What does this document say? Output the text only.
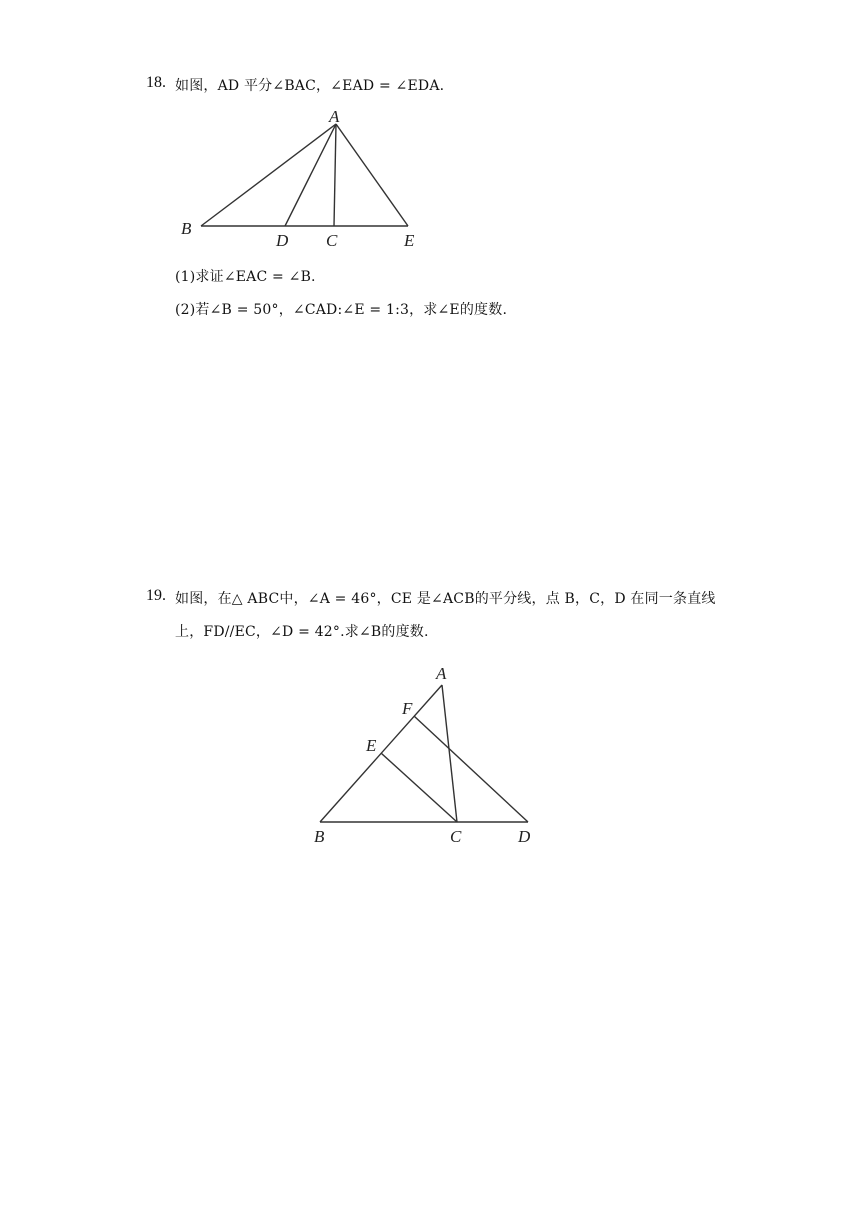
18. 如图，AD 平分∠BAC，∠EAD = ∠EDA.
A
B
D C	E
(1)求证∠EAC = ∠B.
(2)若∠B = 50°，∠CAD:∠E = 1:3，求∠E的度数.
19. 如图，在△ ABC中，∠A = 46°，CE 是∠ACB的平分线，点 B，C，D 在同一条直线
上，FD//EC，∠D = 42°.求∠B的度数.
A
F
E
B	C	D
